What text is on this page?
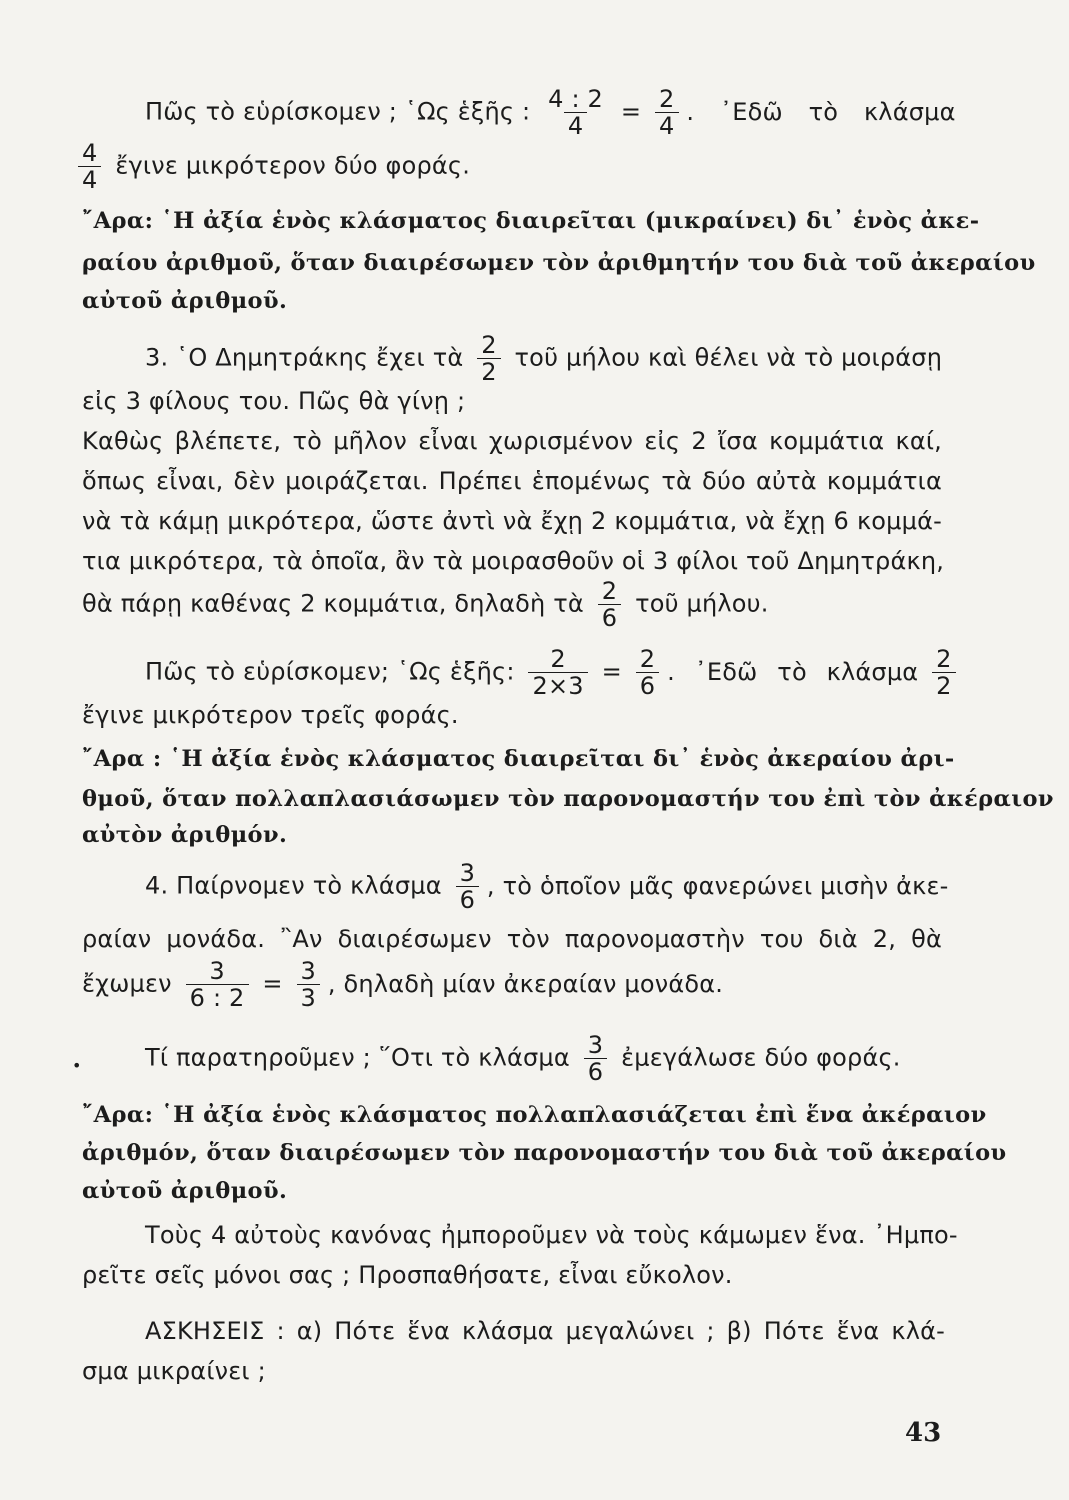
Πῶς τὸ εὑρίσκομεν ; ῾Ως ἑξῆς : $\frac{4 : 2}{4} = \frac{2}{4}$ . ᾿Εδῶ τὸ κλάσμα
$\frac{4}{4}$ ἔγινε μικρότερον δύο φοράς.
῎Αρα: ῾Η ἀξία ἑνὸς κλάσματος διαιρεῖται (μικραίνει) δι᾿ ἑνὸς ἀκε-
ραίου ἀριθμοῦ, ὅταν διαιρέσωμεν τὸν ἀριθμητήν του διὰ τοῦ ἀκεραίου
αὐτοῦ ἀριθμοῦ.
3. ῾Ο Δημητράκης ἔχει τὰ $\frac{2}{2}$ τοῦ μήλου καὶ θέλει νὰ τὸ μοιράσῃ
εἰς 3 φίλους του. Πῶς θὰ γίνῃ ;
Καθὼς βλέπετε, τὸ μῆλον εἶναι χωρισμένον εἰς 2 ἴσα κομμάτια καί,
ὅπως εἶναι, δὲν μοιράζεται. Πρέπει ἑπομένως τὰ δύο αὐτὰ κομμάτια
νὰ τὰ κάμῃ μικρότερα, ὥστε ἀντὶ νὰ ἔχῃ 2 κομμάτια, νὰ ἔχῃ 6 κομμά-
τια μικρότερα, τὰ ὁποῖα, ἂν τὰ μοιρασθοῦν οἱ 3 φίλοι τοῦ Δημητράκη,
θὰ πάρῃ καθένας 2 κομμάτια, δηλαδὴ τὰ $\frac{2}{6}$ τοῦ μήλου.
Πῶς τὸ εὑρίσκομεν; ῾Ως ἑξῆς: $\frac{2}{2\times 3} = \frac{2}{6}$ . ᾿Εδῶ τὸ κλάσμα $\frac{2}{2}$
ἔγινε μικρότερον τρεῖς φοράς.
῎Αρα : ῾Η ἀξία ἑνὸς κλάσματος διαιρεῖται δι᾿ ἑνὸς ἀκεραίου ἀρι-
θμοῦ, ὅταν πολλαπλασιάσωμεν τὸν παρονομαστήν του ἐπὶ τὸν ἀκέραιον
αὐτὸν ἀριθμόν.
4. Παίρνομεν τὸ κλάσμα $\frac{3}{6}$ , τὸ ὁποῖον μᾶς φανερώνει μισὴν ἀκε-
ραίαν μονάδα. ῍Αν διαιρέσωμεν τὸν παρονομαστὴν του διὰ 2, θὰ
ἔχωμεν $\frac{3}{6 : 2} = \frac{3}{3}$ , δηλαδὴ μίαν ἀκεραίαν μονάδα.
•	Τί παρατηροῦμεν ; ῞Οτι τὸ κλάσμα $\frac{3}{6}$ ἐμεγάλωσε δύο φοράς.
῎Αρα: ῾Η ἀξία ἑνὸς κλάσματος πολλαπλασιάζεται ἐπὶ ἕνα ἀκέραιον
ἀριθμόν, ὅταν διαιρέσωμεν τὸν παρονομαστήν του διὰ τοῦ ἀκεραίου
αὐτοῦ ἀριθμοῦ.
Τοὺς 4 αὐτοὺς κανόνας ἠμποροῦμεν νὰ τοὺς κάμωμεν ἕνα. ᾿Ημπο-
ρεῖτε σεῖς μόνοι σας ; Προσπαθήσατε, εἶναι εὔκολον.
ΑΣΚΗΣΕΙΣ : α) Πότε ἕνα κλάσμα μεγαλώνει ; β) Πότε ἕνα κλά-
σμα μικραίνει ;
43
